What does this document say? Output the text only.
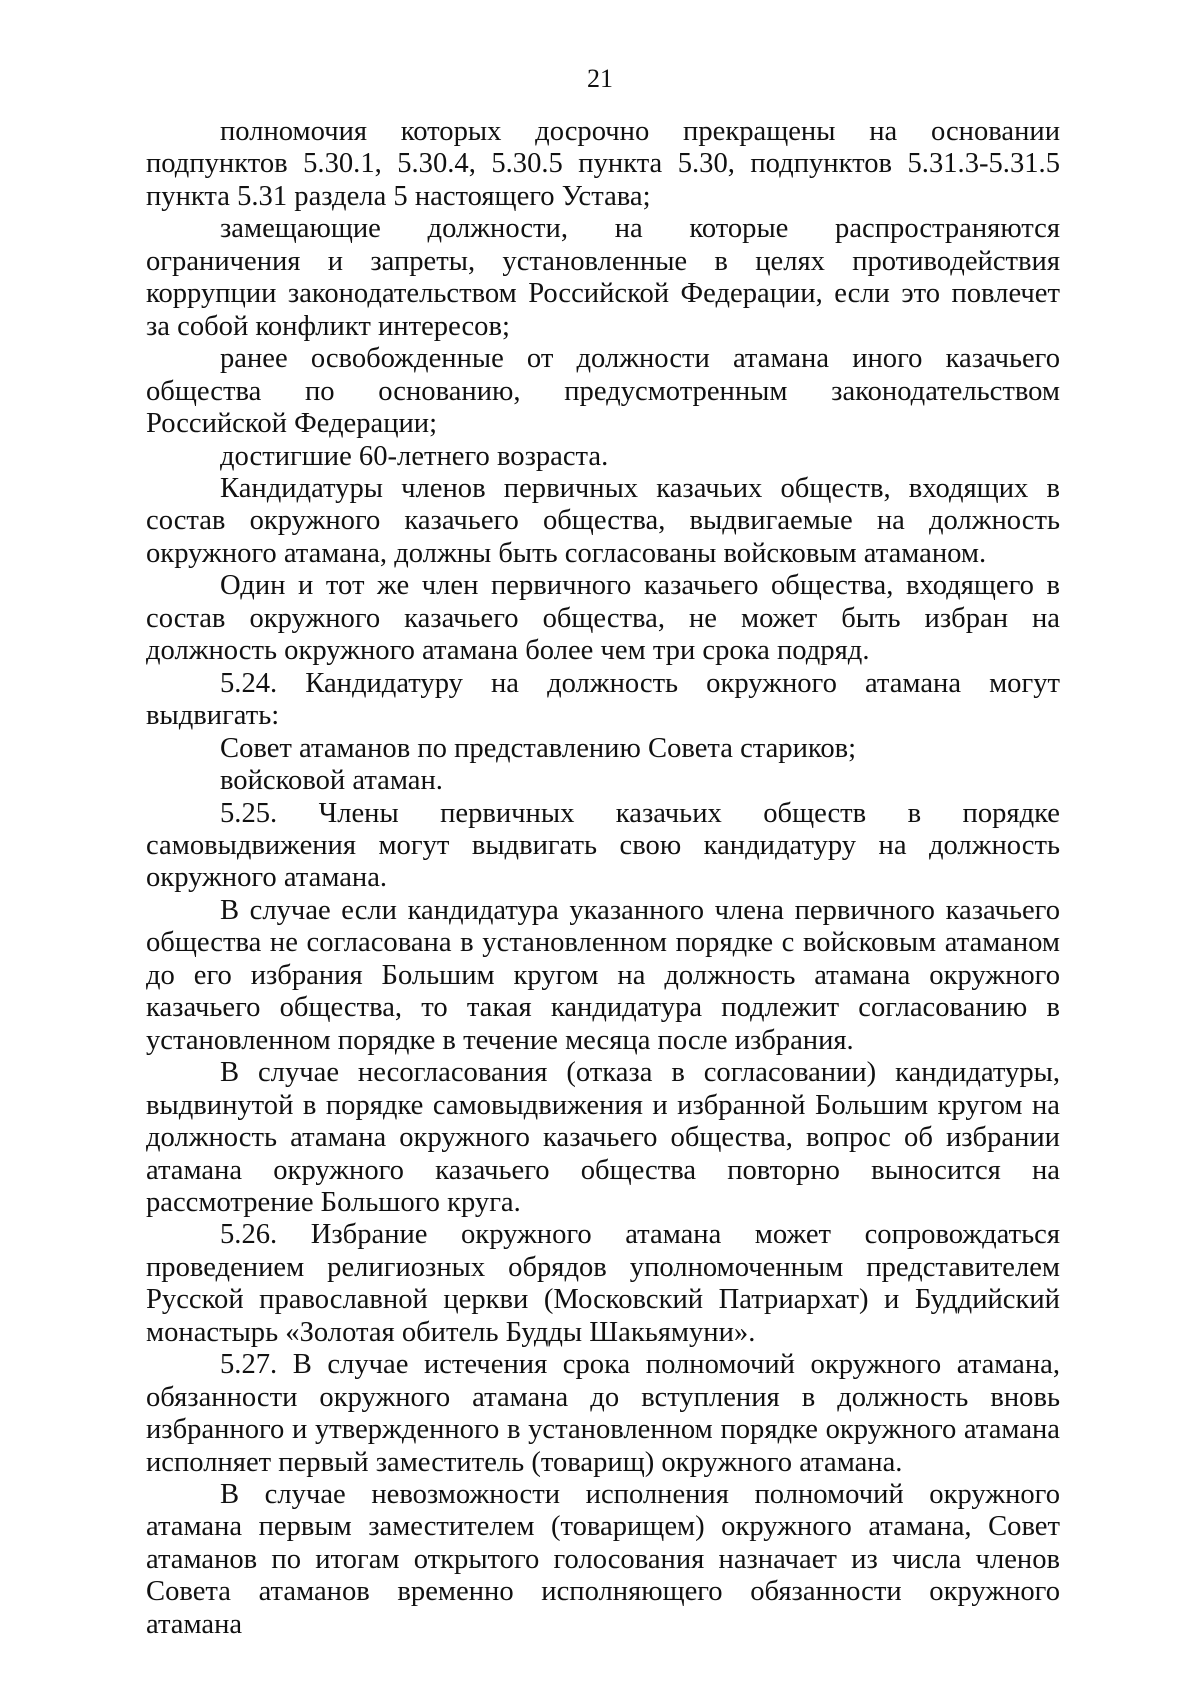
21

полномочия которых досрочно прекращены на основании подпунктов 5.30.1, 5.30.4, 5.30.5 пункта 5.30, подпунктов 5.31.3-5.31.5 пункта 5.31 раздела 5 настоящего Устава;

замещающие должности, на которые распространяются ограничения и запреты, установленные в целях противодействия коррупции законодательством Российской Федерации, если это повлечет за собой конфликт интересов;

ранее освобожденные от должности атамана иного казачьего общества по основанию, предусмотренным законодательством Российской Федерации;

достигшие 60-летнего возраста.

Кандидатуры членов первичных казачьих обществ, входящих в состав окружного казачьего общества, выдвигаемые на должность окружного атамана, должны быть согласованы войсковым атаманом.

Один и тот же член первичного казачьего общества, входящего в состав окружного казачьего общества, не может быть избран на должность окружного атамана более чем три срока подряд.

5.24. Кандидатуру на должность окружного атамана могут выдвигать:

Совет атаманов по представлению Совета стариков;

войсковой атаман.

5.25. Члены первичных казачьих обществ в порядке самовыдвижения могут выдвигать свою кандидатуру на должность окружного атамана.

В случае если кандидатура указанного члена первичного казачьего общества не согласована в установленном порядке с войсковым атаманом до его избрания Большим кругом на должность атамана окружного казачьего общества, то такая кандидатура подлежит согласованию в установленном порядке в течение месяца после избрания.

В случае несогласования (отказа в согласовании) кандидатуры, выдвинутой в порядке самовыдвижения и избранной Большим кругом на должность атамана окружного казачьего общества, вопрос об избрании атамана окружного казачьего общества повторно выносится на рассмотрение Большого круга.

5.26. Избрание окружного атамана может сопровождаться проведением религиозных обрядов уполномоченным представителем Русской православной церкви (Московский Патриархат) и Буддийский монастырь «Золотая обитель Будды Шакьямуни».

5.27. В случае истечения срока полномочий окружного атамана, обязанности окружного атамана до вступления в должность вновь избранного и утвержденного в установленном порядке окружного атамана исполняет первый заместитель (товарищ) окружного атамана.

В случае невозможности исполнения полномочий окружного атамана первым заместителем (товарищем) окружного атамана, Совет атаманов по итогам открытого голосования назначает из числа членов Совета атаманов временно исполняющего обязанности окружного атамана
